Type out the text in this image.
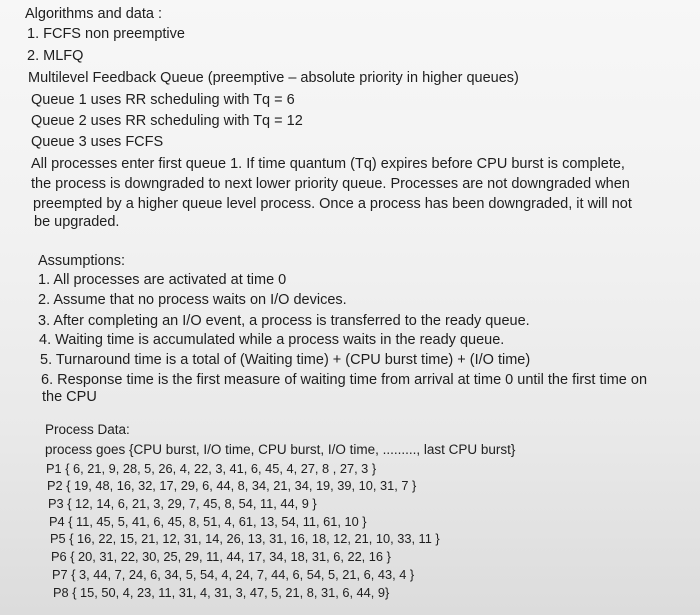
Algorithms and data :
1. FCFS non preemptive
2. MLFQ
Multilevel Feedback Queue (preemptive – absolute priority in higher queues)
Queue 1 uses RR scheduling with Tq = 6
Queue 2 uses RR scheduling with Tq = 12
Queue 3 uses FCFS
All processes enter first queue 1. If time quantum (Tq) expires before CPU burst is complete,
the process is downgraded to next lower priority queue. Processes are not downgraded when
preempted by a higher queue level process. Once a process has been downgraded, it will not
be upgraded.
Assumptions:
1. All processes are activated at time 0
2. Assume that no process waits on I/O devices.
3. After completing an I/O event, a process is transferred to the ready queue.
4. Waiting time is accumulated while a process waits in the ready queue.
5. Turnaround time is a total of (Waiting time) + (CPU burst time) + (I/O time)
6. Response time is the first measure of waiting time from arrival at time 0 until the first time on
the CPU
Process Data:
process goes {CPU burst, I/O time, CPU burst, I/O time, ........., last CPU burst}
P1 { 6, 21, 9, 28, 5, 26, 4, 22, 3, 41, 6, 45, 4, 27, 8 , 27, 3 }
P2 { 19, 48, 16, 32, 17, 29, 6, 44, 8, 34, 21, 34, 19, 39, 10, 31, 7 }
P3 { 12, 14, 6, 21, 3, 29, 7, 45, 8, 54, 11, 44, 9 }
P4 { 11, 45, 5, 41, 6, 45, 8, 51, 4, 61, 13, 54, 11, 61, 10 }
P5 { 16, 22, 15, 21, 12, 31, 14, 26, 13, 31, 16, 18, 12, 21, 10, 33, 11 }
P6 { 20, 31, 22, 30, 25, 29, 11, 44, 17, 34, 18, 31, 6, 22, 16 }
P7 { 3, 44, 7, 24, 6, 34, 5, 54, 4, 24, 7, 44, 6, 54, 5, 21, 6, 43, 4 }
P8 { 15, 50, 4, 23, 11, 31, 4, 31, 3, 47, 5, 21, 8, 31, 6, 44, 9}
